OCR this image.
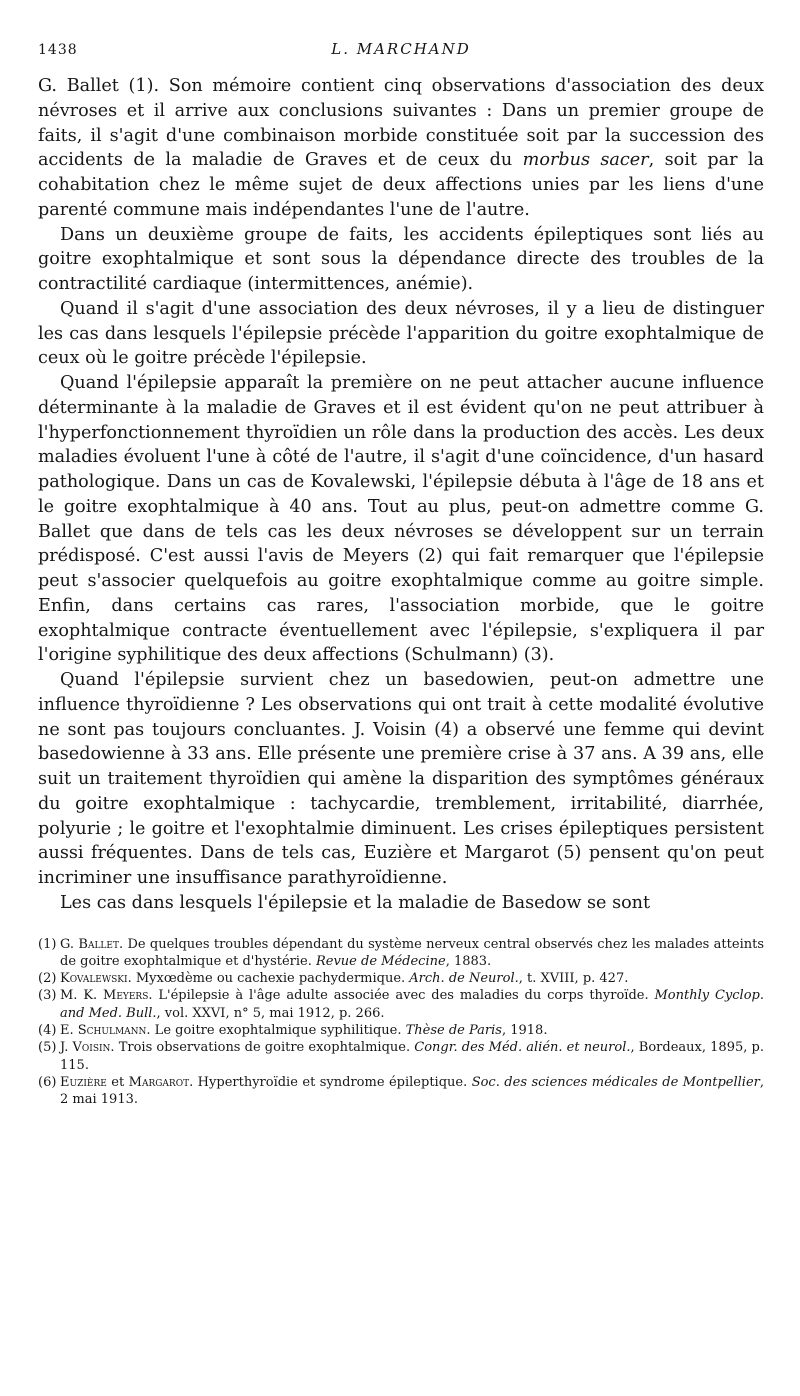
1438	L. MARCHAND

G. Ballet (1). Son mémoire contient cinq observations d'association des deux névroses et il arrive aux conclusions suivantes : Dans un premier groupe de faits, il s'agit d'une combinaison morbide constituée soit par la succession des accidents de la maladie de Graves et de ceux du morbus sacer, soit par la cohabitation chez le même sujet de deux affections unies par les liens d'une parenté commune mais indépendantes l'une de l'autre.

Dans un deuxième groupe de faits, les accidents épileptiques sont liés au goitre exophtalmique et sont sous la dépendance directe des troubles de la contractilité cardiaque (intermittences, anémie).

Quand il s'agit d'une association des deux névroses, il y a lieu de distinguer les cas dans lesquels l'épilepsie précède l'apparition du goitre exophtalmique de ceux où le goitre précède l'épilepsie.

Quand l'épilepsie apparaît la première on ne peut attacher aucune influence déterminante à la maladie de Graves et il est évident qu'on ne peut attribuer à l'hyperfonctionnement thyroïdien un rôle dans la production des accès. Les deux maladies évoluent l'une à côté de l'autre, il s'agit d'une coïncidence, d'un hasard pathologique. Dans un cas de Kovalewski, l'épilepsie débuta à l'âge de 18 ans et le goitre exophtalmique à 40 ans. Tout au plus, peut-on admettre comme G. Ballet que dans de tels cas les deux névroses se développent sur un terrain prédisposé. C'est aussi l'avis de Meyers (2) qui fait remarquer que l'épilepsie peut s'associer quelquefois au goitre exophtalmique comme au goitre simple. Enfin, dans certains cas rares, l'association morbide, que le goitre exophtalmique contracte éventuellement avec l'épilepsie, s'expliquera il par l'origine syphilitique des deux affections (Schulmann) (3).

Quand l'épilepsie survient chez un basedowien, peut-on admettre une influence thyroïdienne ? Les observations qui ont trait à cette modalité évolutive ne sont pas toujours concluantes. J. Voisin (4) a observé une femme qui devint basedowienne à 33 ans. Elle présente une première crise à 37 ans. A 39 ans, elle suit un traitement thyroïdien qui amène la disparition des symptômes généraux du goitre exophtalmique : tachycardie, tremblement, irritabilité, diarrhée, polyurie ; le goitre et l'exophtalmie diminuent. Les crises épileptiques persistent aussi fréquentes. Dans de tels cas, Euzière et Margarot (5) pensent qu'on peut incriminer une insuffisance parathyroïdienne.

Les cas dans lesquels l'épilepsie et la maladie de Basedow se sont

(1) G. Ballet. De quelques troubles dépendant du système nerveux central observés chez les malades atteints de goitre exophtalmique et d'hystérie. Revue de Médecine, 1883.

(2) Kovalewski. Myxœdème ou cachexie pachydermique. Arch. de Neurol., t. XVIII, p. 427.

(3) M. K. Meyers. L'épilepsie à l'âge adulte associée avec des maladies du corps thyroïde. Monthly Cyclop. and Med. Bull., vol. XXVI, n° 5, mai 1912, p. 266.

(4) E. Schulmann. Le goitre exophtalmique syphilitique. Thèse de Paris, 1918.

(5) J. Voisin. Trois observations de goitre exophtalmique. Congr. des Méd. alién. et neurol., Bordeaux, 1895, p. 115.

(6) Euzière et Margarot. Hyperthyroïdie et syndrome épileptique. Soc. des sciences médicales de Montpellier, 2 mai 1913.
